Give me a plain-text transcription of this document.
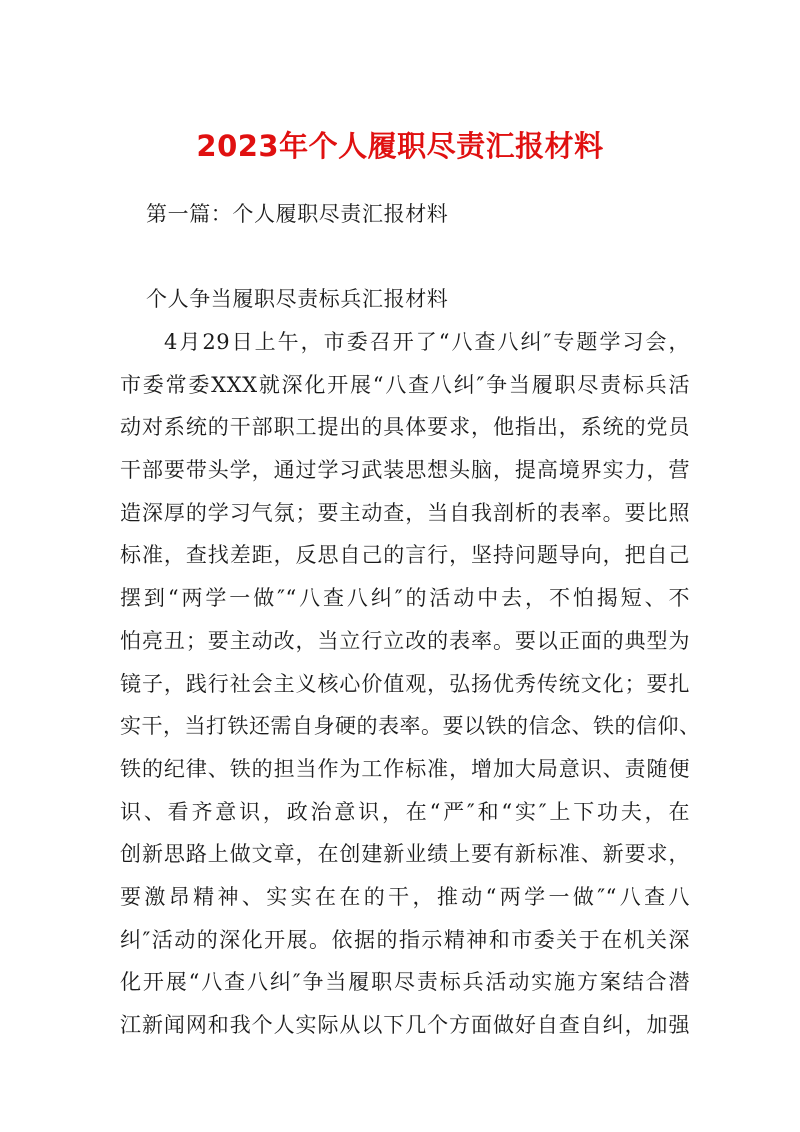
2023年个人履职尽责汇报材料
第一篇：个人履职尽责汇报材料
个人争当履职尽责标兵汇报材料
4月29日上午，市委召开了“八查八纠″专题学习会，
市委常委XXX就深化开展“八查八纠″争当履职尽责标兵活
动对系统的干部职工提出的具体要求，他指出，系统的党员
干部要带头学，通过学习武装思想头脑，提高境界实力，营
造深厚的学习气氛；要主动查，当自我剖析的表率。要比照
标准，查找差距，反思自己的言行，坚持问题导向，把自己
摆到“两学一做″“八查八纠″的活动中去，不怕揭短、不
怕亮丑；要主动改，当立行立改的表率。要以正面的典型为
镜子，践行社会主义核心价值观，弘扬优秀传统文化；要扎
实干，当打铁还需自身硬的表率。要以铁的信念、铁的信仰、
铁的纪律、铁的担当作为工作标准，增加大局意识、责随便
识、看齐意识，政治意识，在“严″和“实″上下功夫，在
创新思路上做文章，在创建新业绩上要有新标准、新要求，
要激昂精神、实实在在的干，推动“两学一做″“八查八
纠″活动的深化开展。依据的指示精神和市委关于在机关深
化开展“八查八纠″争当履职尽责标兵活动实施方案结合潜
江新闻网和我个人实际从以下几个方面做好自查自纠，加强
